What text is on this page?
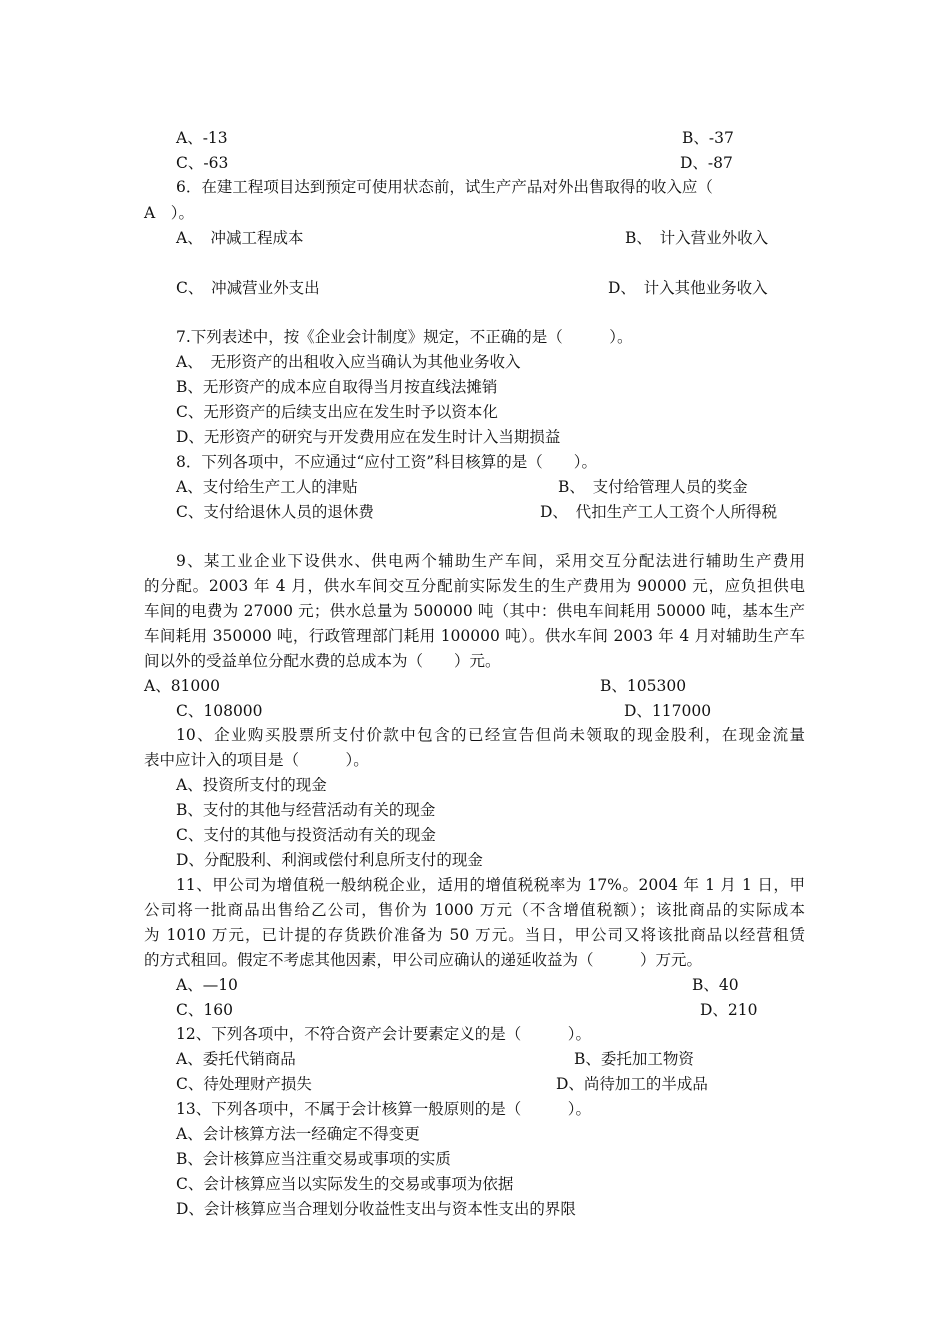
A、-13	B、-37
C、-63	D、-87
6．在建工程项目达到预定可使用状态前，试生产产品对外出售取得的收入应（
A　）。
A、　冲减工程成本	B、　计入营业外收入
C、　冲减营业外支出	D、　计入其他业务收入
7.下列表述中，按《企业会计制度》规定，不正确的是（　　　）。
A、　无形资产的出租收入应当确认为其他业务收入
B、无形资产的成本应自取得当月按直线法摊销
C、无形资产的后续支出应在发生时予以资本化
D、无形资产的研究与开发费用应在发生时计入当期损益
8．下列各项中，不应通过“应付工资”科目核算的是（　　）。
A、支付给生产工人的津贴	B、　支付给管理人员的奖金
C、支付给退休人员的退休费	D、　代扣生产工人工资个人所得税
9、某工业企业下设供水、供电两个辅助生产车间，采用交互分配法进行辅助生产费用
的分配。2003 年 4 月，供水车间交互分配前实际发生的生产费用为 90000 元，应负担供电
车间的电费为 27000 元；供水总量为 500000 吨（其中：供电车间耗用 50000 吨，基本生产
车间耗用 350000 吨，行政管理部门耗用 100000 吨）。供水车间 2003 年 4 月对辅助生产车
间以外的受益单位分配水费的总成本为（　　）元。
A、81000	B、105300
C、108000	D、117000
10、企业购买股票所支付价款中包含的已经宣告但尚未领取的现金股利，在现金流量
表中应计入的项目是（　　　）。
A、投资所支付的现金
B、支付的其他与经营活动有关的现金
C、支付的其他与投资活动有关的现金
D、分配股利、利润或偿付利息所支付的现金
11、甲公司为增值税一般纳税企业，适用的增值税税率为 17%。2004 年 1 月 1 日，甲
公司将一批商品出售给乙公司，售价为 1000 万元（不含增值税额）；该批商品的实际成本
为 1010 万元，已计提的存货跌价准备为 50 万元。当日，甲公司又将该批商品以经营租赁
的方式租回。假定不考虑其他因素，甲公司应确认的递延收益为（　　　）万元。
A、—10	B、40
C、160	D、210
12、下列各项中，不符合资产会计要素定义的是（　　　）。
A、委托代销商品	B、委托加工物资
C、待处理财产损失	D、尚待加工的半成品
13、下列各项中，不属于会计核算一般原则的是（　　　）。
A、会计核算方法一经确定不得变更
B、会计核算应当注重交易或事项的实质
C、会计核算应当以实际发生的交易或事项为依据
D、会计核算应当合理划分收益性支出与资本性支出的界限
